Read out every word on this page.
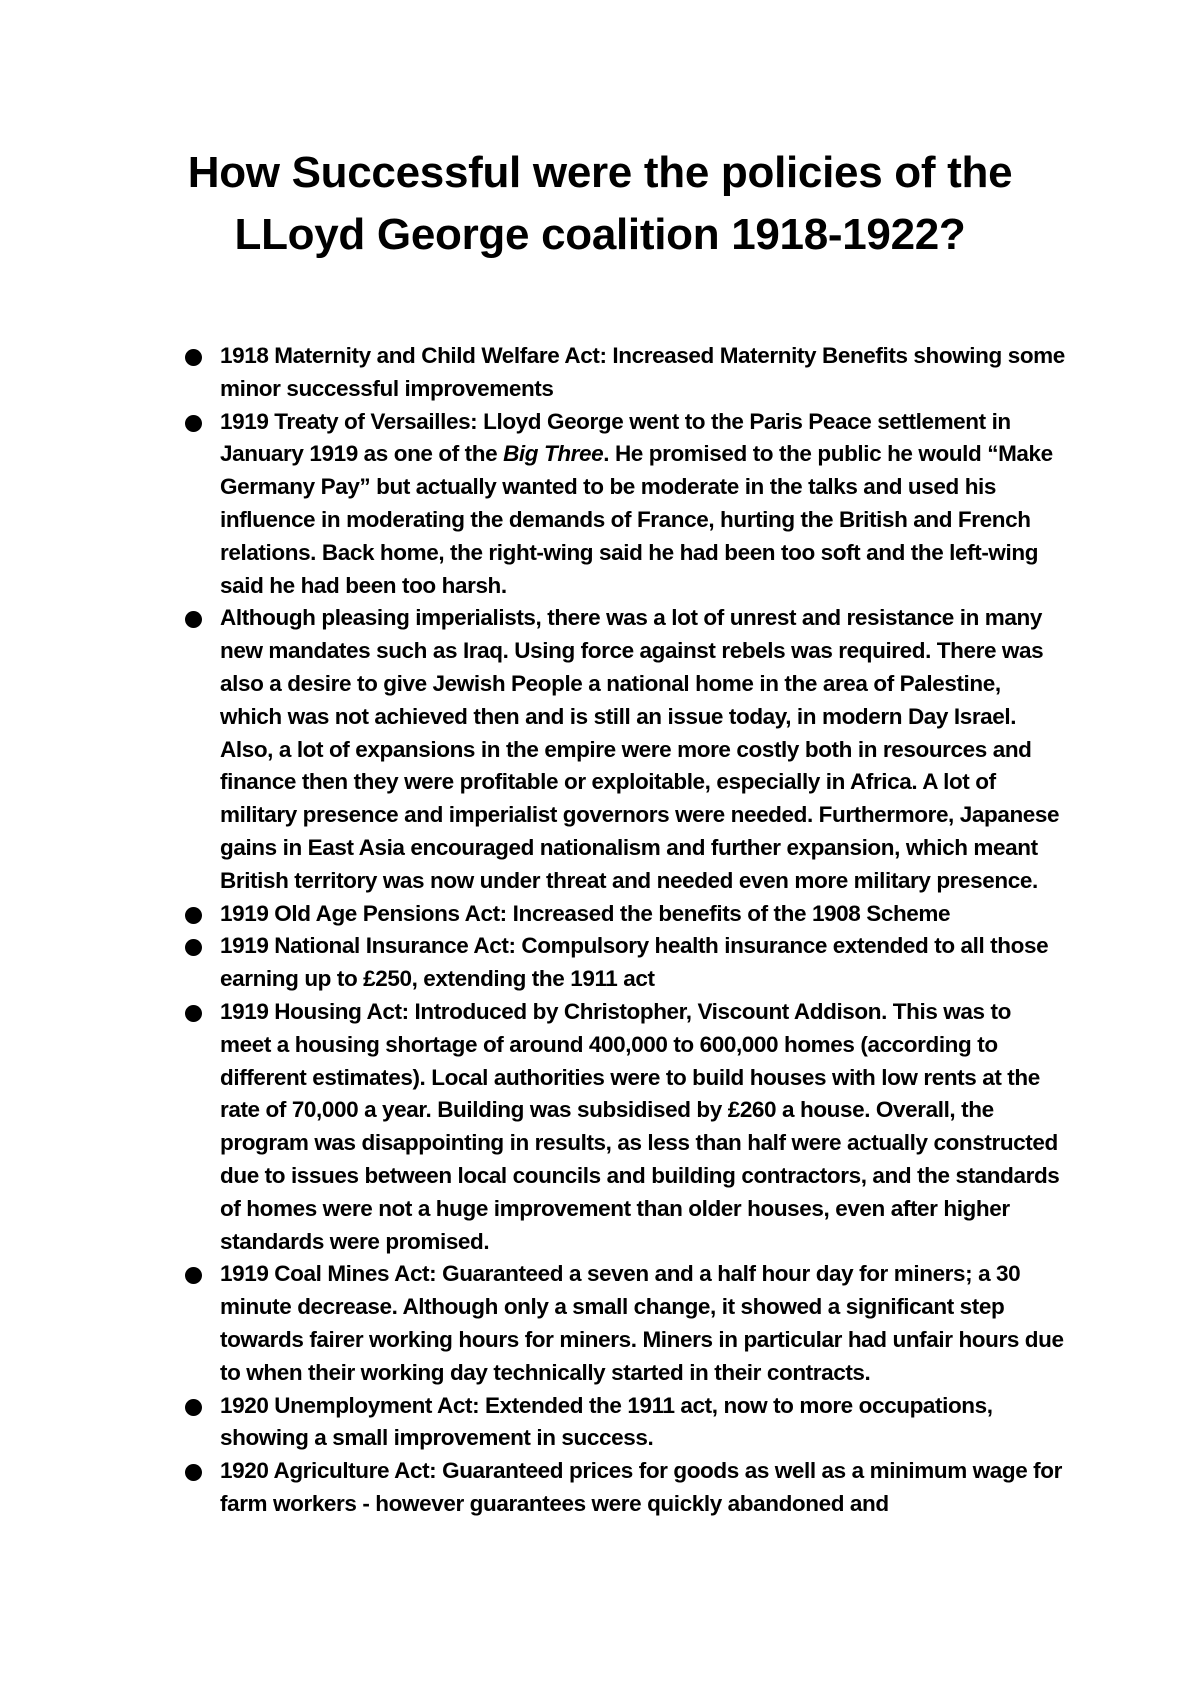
How Successful were the policies of the
LLoyd George coalition 1918-1922?
1918 Maternity and Child Welfare Act: Increased Maternity Benefits showing some minor successful improvements
1919 Treaty of Versailles: Lloyd George went to the Paris Peace settlement in January 1919 as one of the Big Three. He promised to the public he would “Make Germany Pay” but actually wanted to be moderate in the talks and used his influence in moderating the demands of France, hurting the British and French relations. Back home, the right-wing said he had been too soft and the left-wing said he had been too harsh.
Although pleasing imperialists, there was a lot of unrest and resistance in many new mandates such as Iraq. Using force against rebels was required. There was also a desire to give Jewish People a national home in the area of Palestine, which was not achieved then and is still an issue today, in modern Day Israel. Also, a lot of expansions in the empire were more costly both in resources and finance then they were profitable or exploitable, especially in Africa. A lot of military presence and imperialist governors were needed. Furthermore, Japanese gains in East Asia encouraged nationalism and further expansion, which meant British territory was now under threat and needed even more military presence.
1919 Old Age Pensions Act: Increased the benefits of the 1908 Scheme
1919 National Insurance Act: Compulsory health insurance extended to all those earning up to £250, extending the 1911 act
1919 Housing Act: Introduced by Christopher, Viscount Addison. This was to meet a housing shortage of around 400,000 to 600,000 homes (according to different estimates). Local authorities were to build houses with low rents at the rate of 70,000 a year. Building was subsidised by £260 a house. Overall, the program was disappointing in results, as less than half were actually constructed due to issues between local councils and building contractors, and the standards of homes were not a huge improvement than older houses, even after higher standards were promised.
1919 Coal Mines Act: Guaranteed a seven and a half hour day for miners; a 30 minute decrease. Although only a small change, it showed a significant step towards fairer working hours for miners. Miners in particular had unfair hours due to when their working day technically started in their contracts.
1920 Unemployment Act: Extended the 1911 act, now to more occupations, showing a small improvement in success.
1920 Agriculture Act: Guaranteed prices for goods as well as a minimum wage for farm workers - however guarantees were quickly abandoned and
